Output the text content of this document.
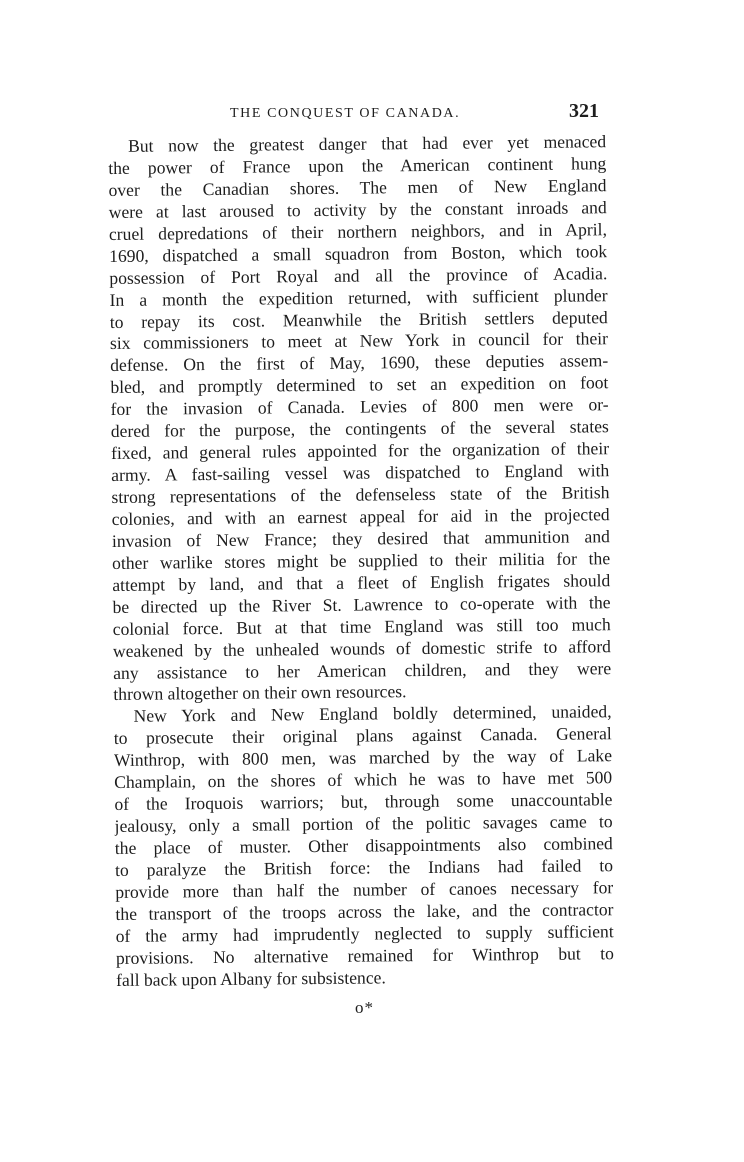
THE CONQUEST OF CANADA.	321
But now the greatest danger that had ever yet menaced
the power of France upon the American continent hung
over the Canadian shores. The men of New England
were at last aroused to activity by the constant inroads and
cruel depredations of their northern neighbors, and in April,
1690, dispatched a small squadron from Boston, which took
possession of Port Royal and all the province of Acadia.
In a month the expedition returned, with sufficient plunder
to repay its cost. Meanwhile the British settlers deputed
six commissioners to meet at New York in council for their
defense. On the first of May, 1690, these deputies assem-
bled, and promptly determined to set an expedition on foot
for the invasion of Canada. Levies of 800 men were or-
dered for the purpose, the contingents of the several states
fixed, and general rules appointed for the organization of their
army. A fast-sailing vessel was dispatched to England with
strong representations of the defenseless state of the British
colonies, and with an earnest appeal for aid in the projected
invasion of New France; they desired that ammunition and
other warlike stores might be supplied to their militia for the
attempt by land, and that a fleet of English frigates should
be directed up the River St. Lawrence to co-operate with the
colonial force. But at that time England was still too much
weakened by the unhealed wounds of domestic strife to afford
any assistance to her American children, and they were
thrown altogether on their own resources.
New York and New England boldly determined, unaided,
to prosecute their original plans against Canada. General
Winthrop, with 800 men, was marched by the way of Lake
Champlain, on the shores of which he was to have met 500
of the Iroquois warriors; but, through some unaccountable
jealousy, only a small portion of the politic savages came to
the place of muster. Other disappointments also combined
to paralyze the British force: the Indians had failed to
provide more than half the number of canoes necessary for
the transport of the troops across the lake, and the contractor
of the army had imprudently neglected to supply sufficient
provisions. No alternative remained for Winthrop but to
fall back upon Albany for subsistence.
o*
